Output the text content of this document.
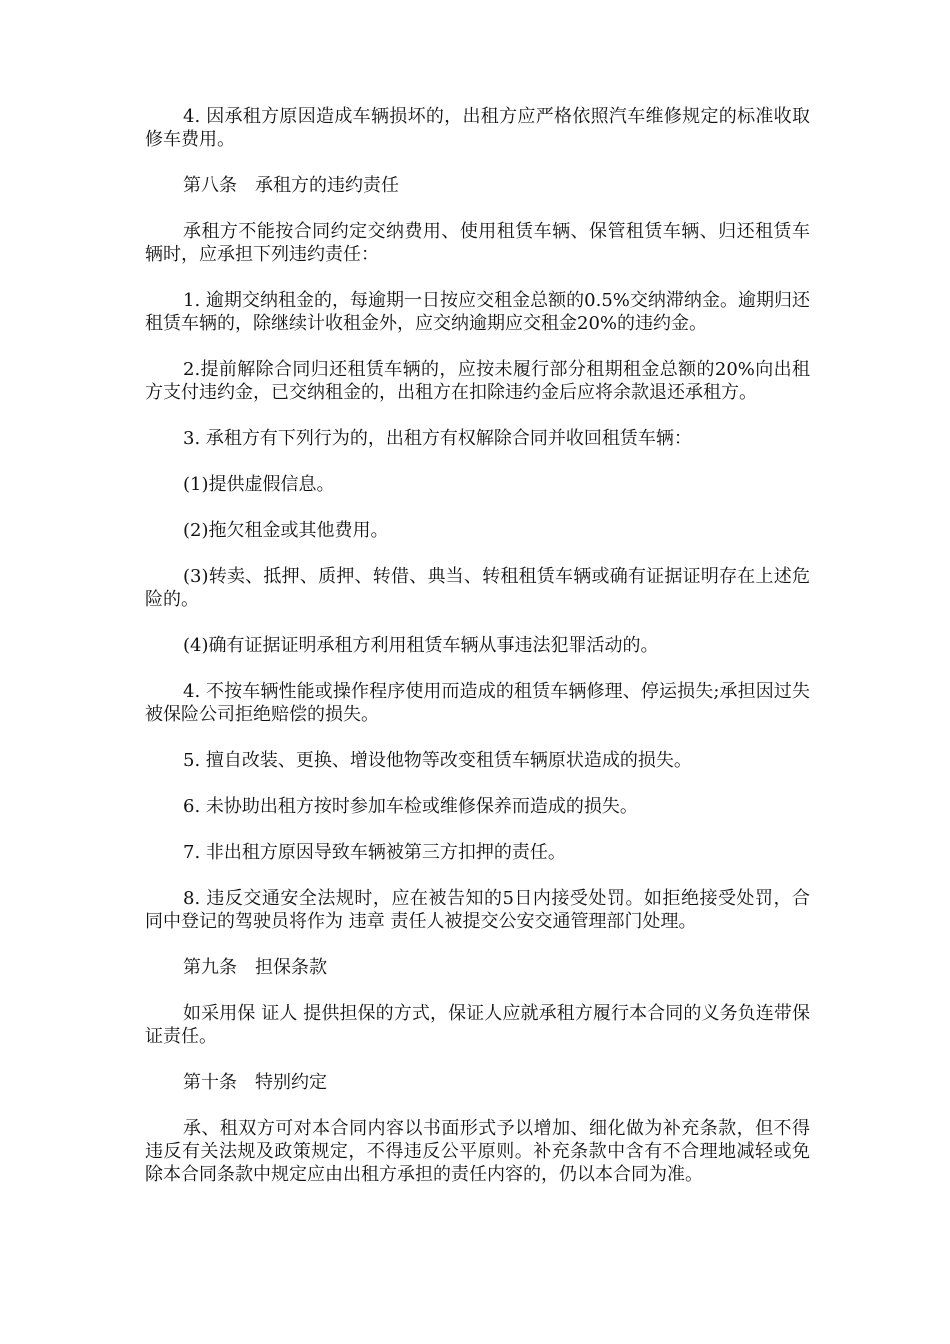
4. 因承租方原因造成车辆损坏的，出租方应严格依照汽车维修规定的标准收取修车费用。

第八条　承租方的违约责任

承租方不能按合同约定交纳费用、使用租赁车辆、保管租赁车辆、归还租赁车辆时，应承担下列违约责任：

1. 逾期交纳租金的，每逾期一日按应交租金总额的0.5%交纳滞纳金。逾期归还租赁车辆的，除继续计收租金外，应交纳逾期应交租金20%的违约金。

2.提前解除合同归还租赁车辆的，应按未履行部分租期租金总额的20%向出租方支付违约金，已交纳租金的，出租方在扣除违约金后应将余款退还承租方。

3. 承租方有下列行为的，出租方有权解除合同并收回租赁车辆：

(1)提供虚假信息。

(2)拖欠租金或其他费用。

(3)转卖、抵押、质押、转借、典当、转租租赁车辆或确有证据证明存在上述危险的。

(4)确有证据证明承租方利用租赁车辆从事违法犯罪活动的。

4. 不按车辆性能或操作程序使用而造成的租赁车辆修理、停运损失;承担因过失被保险公司拒绝赔偿的损失。

5. 擅自改装、更换、增设他物等改变租赁车辆原状造成的损失。

6. 未协助出租方按时参加车检或维修保养而造成的损失。

7. 非出租方原因导致车辆被第三方扣押的责任。

8. 违反交通安全法规时，应在被告知的5日内接受处罚。如拒绝接受处罚，合同中登记的驾驶员将作为 违章 责任人被提交公安交通管理部门处理。

第九条　担保条款

如采用保 证人 提供担保的方式，保证人应就承租方履行本合同的义务负连带保证责任。

第十条　特别约定

承、租双方可对本合同内容以书面形式予以增加、细化做为补充条款，但不得违反有关法规及政策规定，不得违反公平原则。补充条款中含有不合理地减轻或免除本合同条款中规定应由出租方承担的责任内容的，仍以本合同为准。
